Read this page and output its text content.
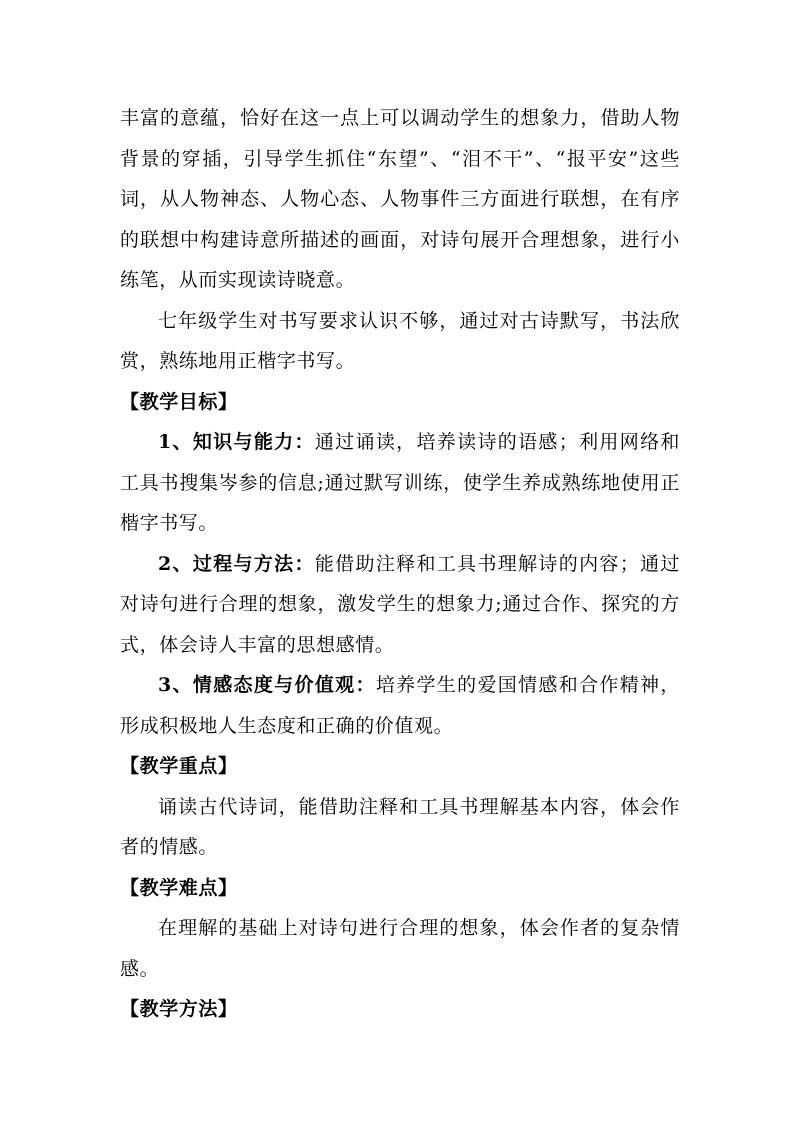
丰富的意蕴，恰好在这一点上可以调动学生的想象力，借助人物背景的穿插，引导学生抓住“东望”、“泪不干”、“报平安”这些词，从人物神态、人物心态、人物事件三方面进行联想，在有序的联想中构建诗意所描述的画面，对诗句展开合理想象，进行小练笔，从而实现读诗晓意。

七年级学生对书写要求认识不够，通过对古诗默写，书法欣赏，熟练地用正楷字书写。

【教学目标】

1、知识与能力：通过诵读，培养读诗的语感；利用网络和工具书搜集岑参的信息;通过默写训练，使学生养成熟练地使用正楷字书写。

2、过程与方法：能借助注释和工具书理解诗的内容；通过对诗句进行合理的想象，激发学生的想象力;通过合作、探究的方式，体会诗人丰富的思想感情。

3、情感态度与价值观：培养学生的爱国情感和合作精神，形成积极地人生态度和正确的价值观。

【教学重点】

诵读古代诗词，能借助注释和工具书理解基本内容，体会作者的情感。

【教学难点】

在理解的基础上对诗句进行合理的想象，体会作者的复杂情感。

【教学方法】
